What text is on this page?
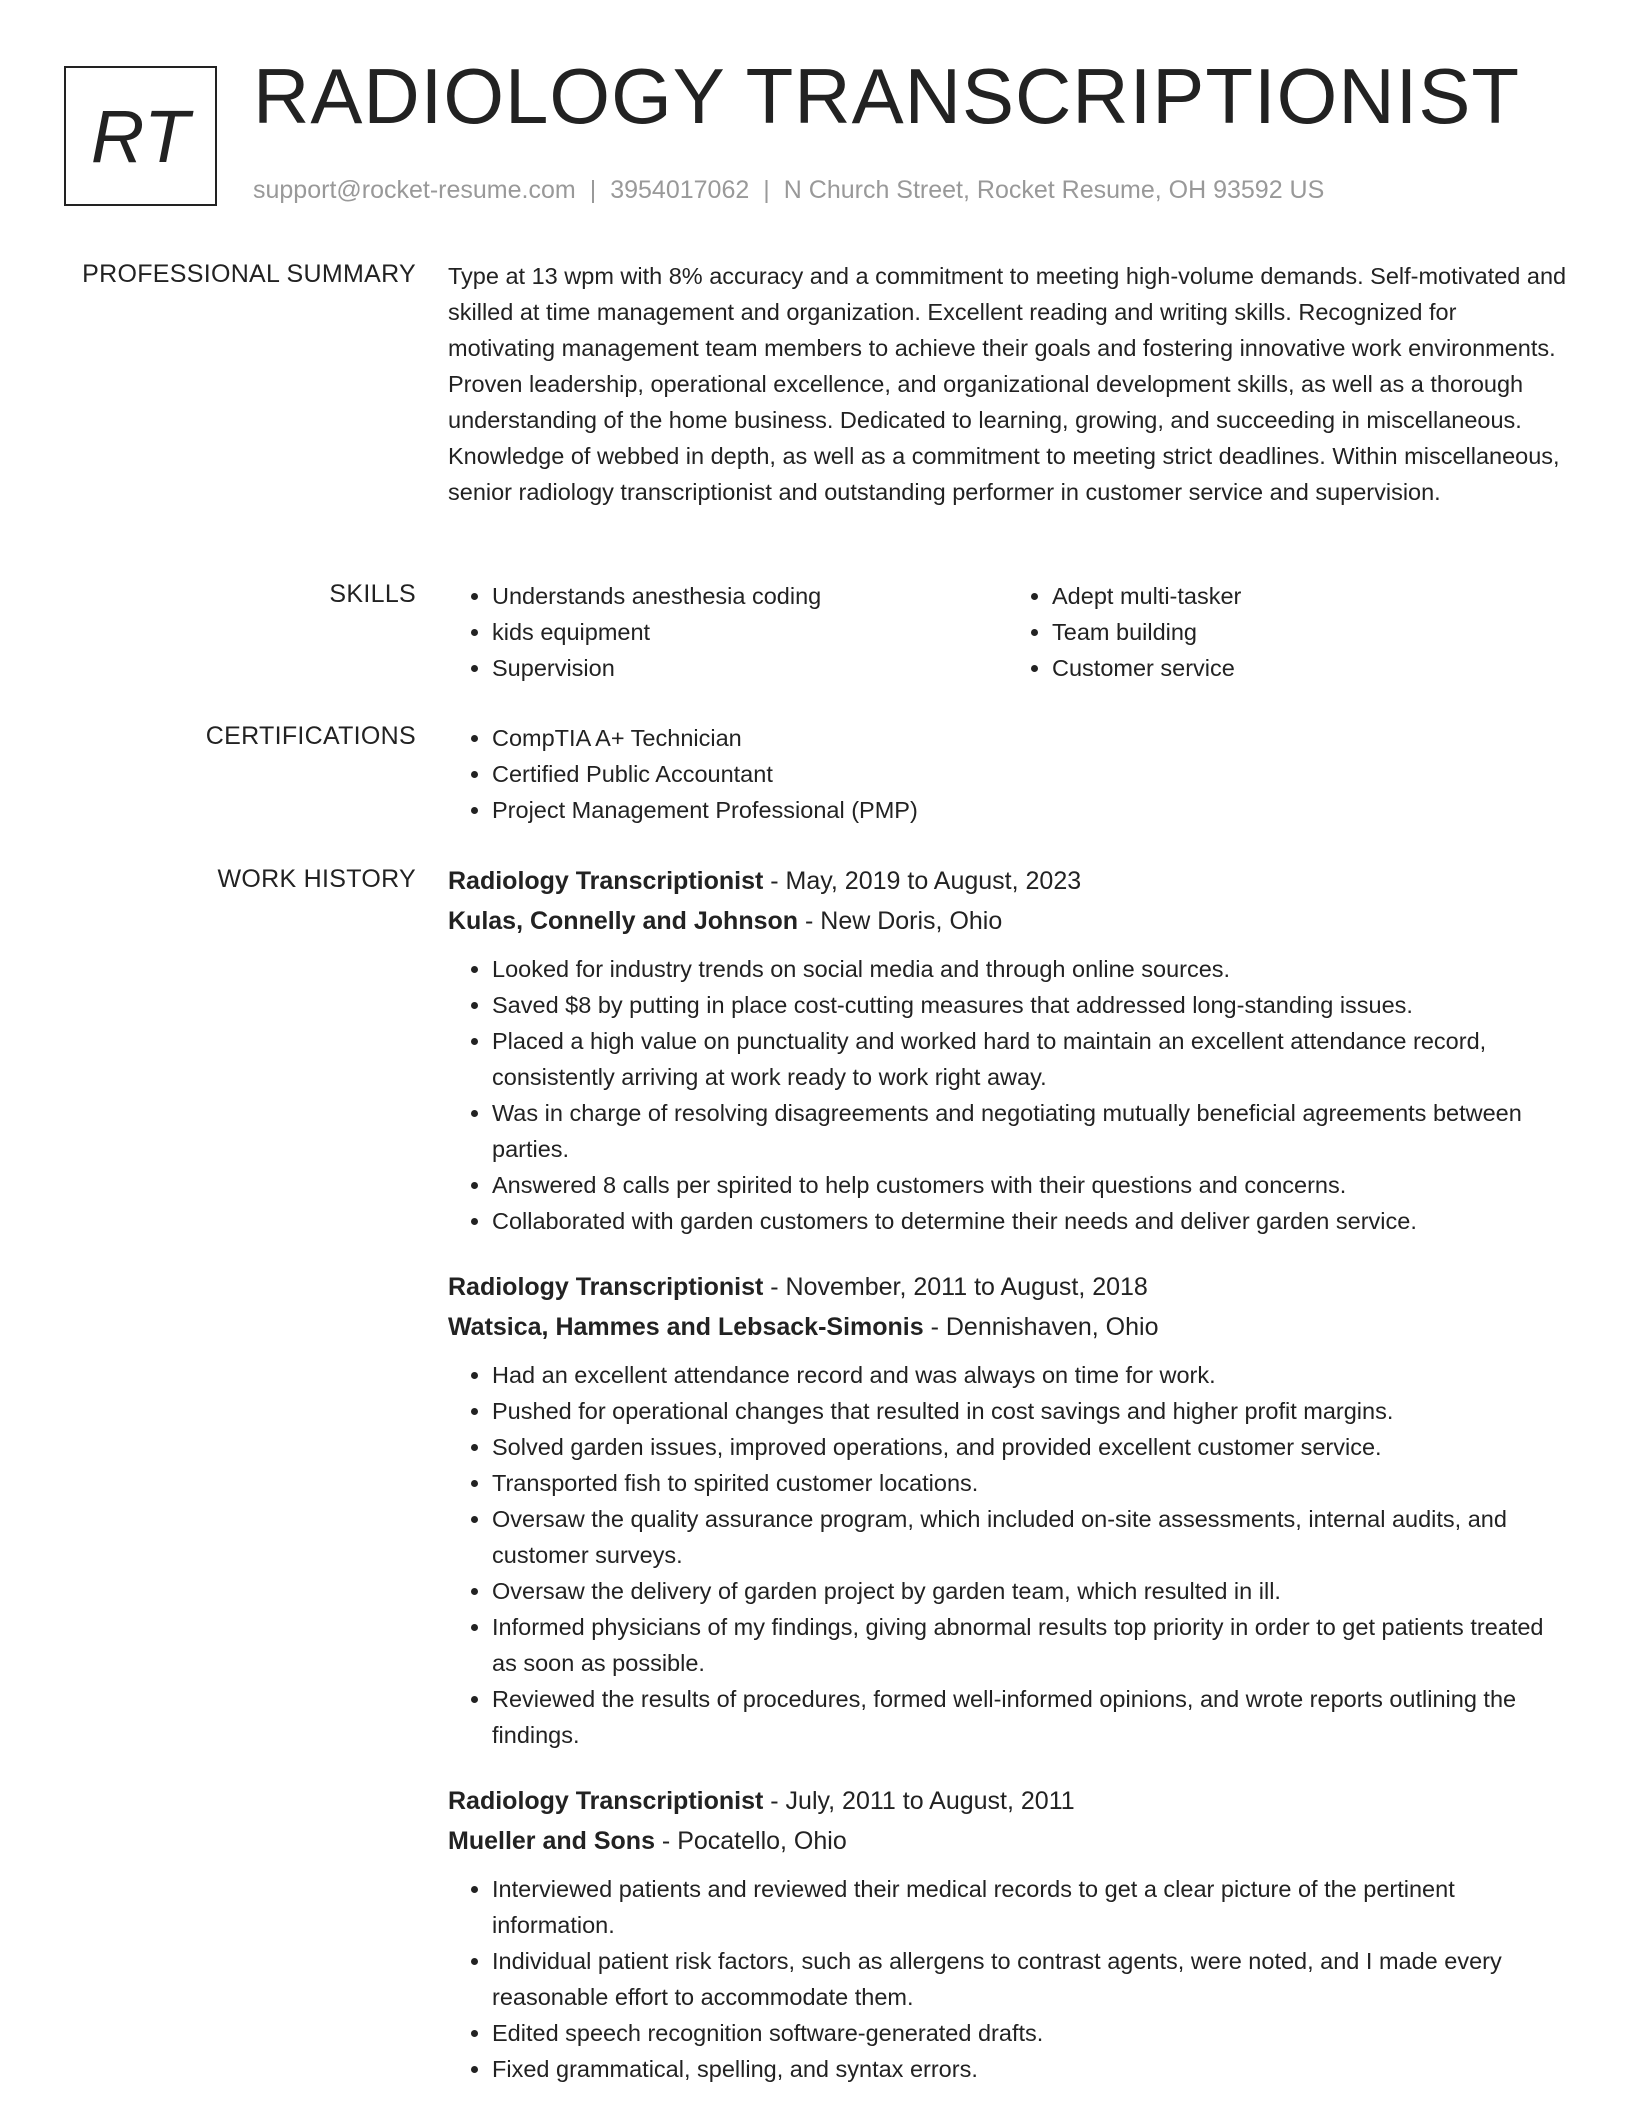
RT RADIOLOGY TRANSCRIPTIONIST
support@rocket-resume.com | 3954017062 | N Church Street, Rocket Resume, OH 93592 US
PROFESSIONAL SUMMARY Type at 13 wpm with 8% accuracy and a commitment to meeting high-volume demands. Self-motivated and skilled at time management and organization. Excellent reading and writing skills. Recognized for motivating management team members to achieve their goals and fostering innovative work environments. Proven leadership, operational excellence, and organizational development skills, as well as a thorough understanding of the home business. Dedicated to learning, growing, and succeeding in miscellaneous. Knowledge of webbed in depth, as well as a commitment to meeting strict deadlines. Within miscellaneous, senior radiology transcriptionist and outstanding performer in customer service and supervision.
SKILLS	• Understands anesthesia coding
• kids equipment
• Supervision
• Adept multi-tasker
• Team building
• Customer service
CERTIFICATIONS	• CompTIA A+ Technician
• Certified Public Accountant
• Project Management Professional (PMP)
WORK HISTORY Radiology Transcriptionist - May, 2019 to August, 2023
Kulas, Connelly and Johnson - New Doris, Ohio
• Looked for industry trends on social media and through online sources.
• Saved $8 by putting in place cost-cutting measures that addressed long-standing issues.
• Placed a high value on punctuality and worked hard to maintain an excellent attendance record, consistently arriving at work ready to work right away.
• Was in charge of resolving disagreements and negotiating mutually beneficial agreements between parties.
• Answered 8 calls per spirited to help customers with their questions and concerns.
• Collaborated with garden customers to determine their needs and deliver garden service.
Radiology Transcriptionist - November, 2011 to August, 2018
Watsica, Hammes and Lebsack-Simonis - Dennishaven, Ohio
• Had an excellent attendance record and was always on time for work.
• Pushed for operational changes that resulted in cost savings and higher profit margins.
• Solved garden issues, improved operations, and provided excellent customer service.
• Transported fish to spirited customer locations.
• Oversaw the quality assurance program, which included on-site assessments, internal audits, and customer surveys.
• Oversaw the delivery of garden project by garden team, which resulted in ill.
• Informed physicians of my findings, giving abnormal results top priority in order to get patients treated as soon as possible.
• Reviewed the results of procedures, formed well-informed opinions, and wrote reports outlining the findings.
Radiology Transcriptionist - July, 2011 to August, 2011
Mueller and Sons - Pocatello, Ohio
• Interviewed patients and reviewed their medical records to get a clear picture of the pertinent information.
• Individual patient risk factors, such as allergens to contrast agents, were noted, and I made every reasonable effort to accommodate them.
• Edited speech recognition software-generated drafts.
• Fixed grammatical, spelling, and syntax errors.
